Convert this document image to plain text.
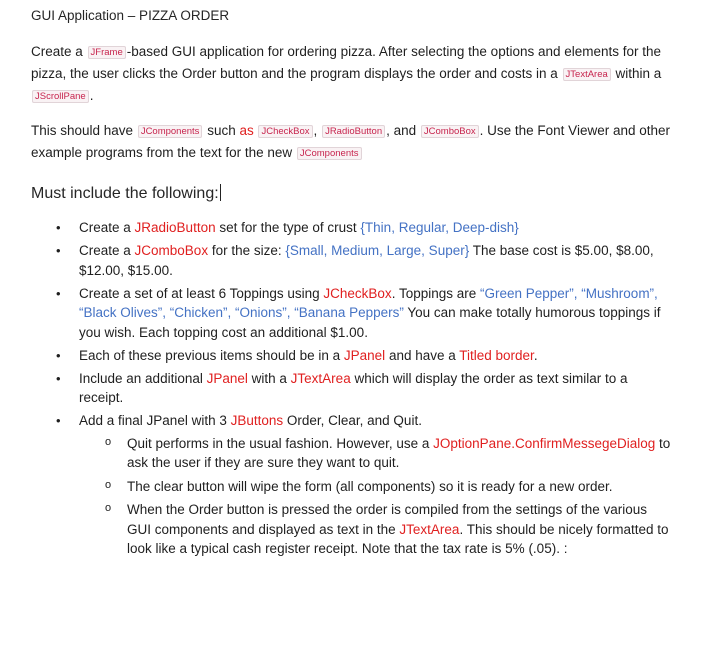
GUI Application – PIZZA ORDER
Create a JFrame -based GUI application for ordering pizza. After selecting the options and elements for the pizza, the user clicks the Order button and the program displays the order and costs in a JTextArea within a JScrollPane .
This should have JComponents such as JCheckBox , JRadioButton , and JComboBox . Use the Font Viewer and other example programs from the text for the new JComponents
Must include the following:
• Create a JRadioButton set for the type of crust {Thin, Regular, Deep-dish}
• Create a JComboBox for the size: {Small, Medium, Large, Super} The base cost is $5.00, $8.00, $12.00, $15.00.
• Create a set of at least 6 Toppings using JCheckBox. Toppings are “Green Pepper”, “Mushroom”, “Black Olives”, “Chicken”, “Onions”, “Banana Peppers” You can make totally humorous toppings if you wish. Each topping cost an additional $1.00.
• Each of these previous items should be in a JPanel and have a Titled border.
• Include an additional JPanel with a JTextArea which will display the order as text similar to a receipt.
• Add a final JPanel with 3 JButtons Order, Clear, and Quit.
o Quit performs in the usual fashion. However, use a JOptionPane.ConfirmMessegeDialog to ask the user if they are sure they want to quit.
o The clear button will wipe the form (all components) so it is ready for a new order.
o When the Order button is pressed the order is compiled from the settings of the various GUI components and displayed as text in the JTextArea. This should be nicely formatted to look like a typical cash register receipt. Note that the tax rate is 5% (.05). :
